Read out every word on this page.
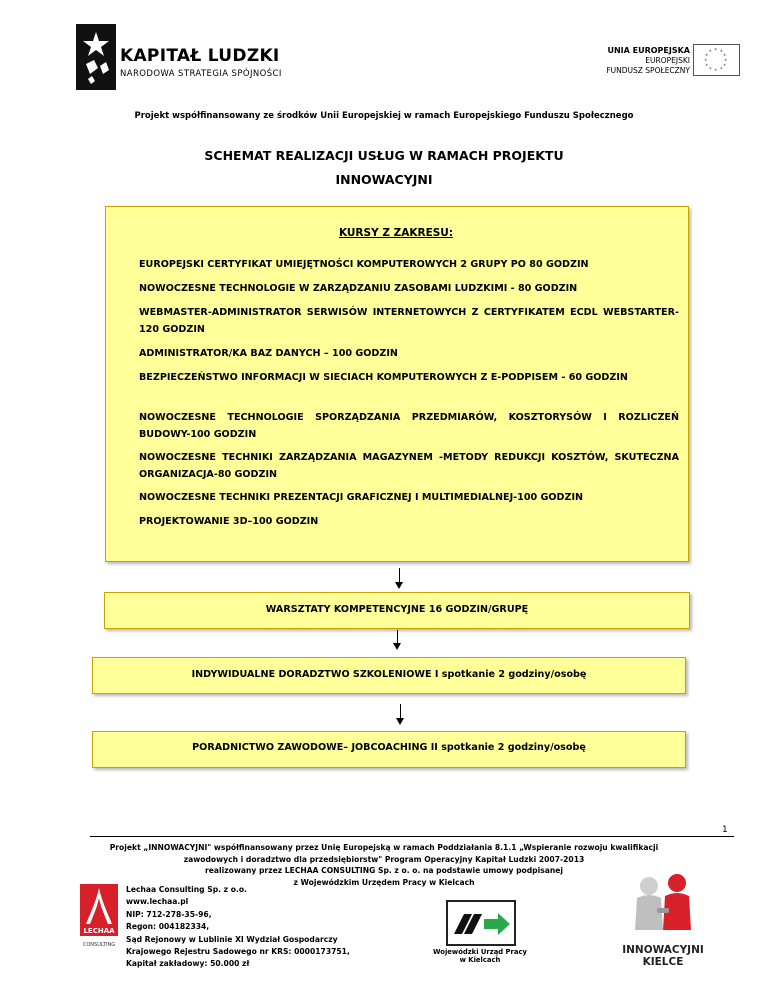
KAPITAŁ LUDZKI
NARODOWA STRATEGIA SPÓJNOŚCI
UNIA EUROPEJSKA
EUROPEJSKI
FUNDUSZ SPOŁECZNY
* *
*
*
*
*
*
*
*
*
*
*
Projekt współfinansowany ze środków Unii Europejskiej w ramach Europejskiego Funduszu Społecznego
SCHEMAT REALIZACJI USŁUG W RAMACH PROJEKTU
INNOWACYJNI
KURSY Z ZAKRESU:
EUROPEJSKI CERTYFIKAT UMIEJĘTNOŚCI KOMPUTEROWYCH 2 GRUPY PO 80 GODZIN
NOWOCZESNE TECHNOLOGIE W ZARZĄDZANIU ZASOBAMI LUDZKIMI - 80 GODZIN
WEBMASTER-ADMINISTRATOR SERWISÓW INTERNETOWYCH Z CERTYFIKATEM ECDL WEBSTARTER- 120 GODZIN
ADMINISTRATOR/KA BAZ DANYCH – 100 GODZIN
BEZPIECZEŃSTWO INFORMACJI W SIECIACH KOMPUTEROWYCH Z E-PODPISEM - 60 GODZIN
NOWOCZESNE TECHNOLOGIE SPORZĄDZANIA PRZEDMIARÓW, KOSZTORYSÓW I ROZLICZEŃ BUDOWY-100 GODZIN
NOWOCZESNE TECHNIKI ZARZĄDZANIA MAGAZYNEM -METODY REDUKCJI KOSZTÓW, SKUTECZNA ORGANIZACJA-80 GODZIN
NOWOCZESNE TECHNIKI PREZENTACJI GRAFICZNEJ I MULTIMEDIALNEJ-100 GODZIN
PROJEKTOWANIE 3D–100 GODZIN
WARSZTATY KOMPETENCYJNE 16 GODZIN/GRUPĘ
INDYWIDUALNE DORADZTWO SZKOLENIOWE I spotkanie 2 godziny/osobę
PORADNICTWO ZAWODOWE– JOBCOACHING II spotkanie 2 godziny/osobę
1
Projekt „INNOWACYJNI" współfinansowany przez Unię Europejską w ramach Poddziałania 8.1.1 „Wspieranie rozwoju kwalifikacji
zawodowych i doradztwo dla przedsiębiorstw" Program Operacyjny Kapitał Ludzki 2007-2013
realizowany przez LECHAA CONSULTING Sp. z o. o. na podstawie umowy podpisanej
z Wojewódzkim Urzędem Pracy w Kielcach
LECHAA
CONSULTING
Lechaa Consulting Sp. z o.o.
www.lechaa.pl
NIP: 712-278-35-96,
Regon: 004182334,
Sąd Rejonowy w Lublinie XI Wydział Gospodarczy
Krajowego Rejestru Sadowego nr KRS: 0000173751,
Kapitał zakładowy: 50.000 zł
Wojewódzki Urząd Pracy
w Kielcach
INNOWACYJNI
KIELCE
